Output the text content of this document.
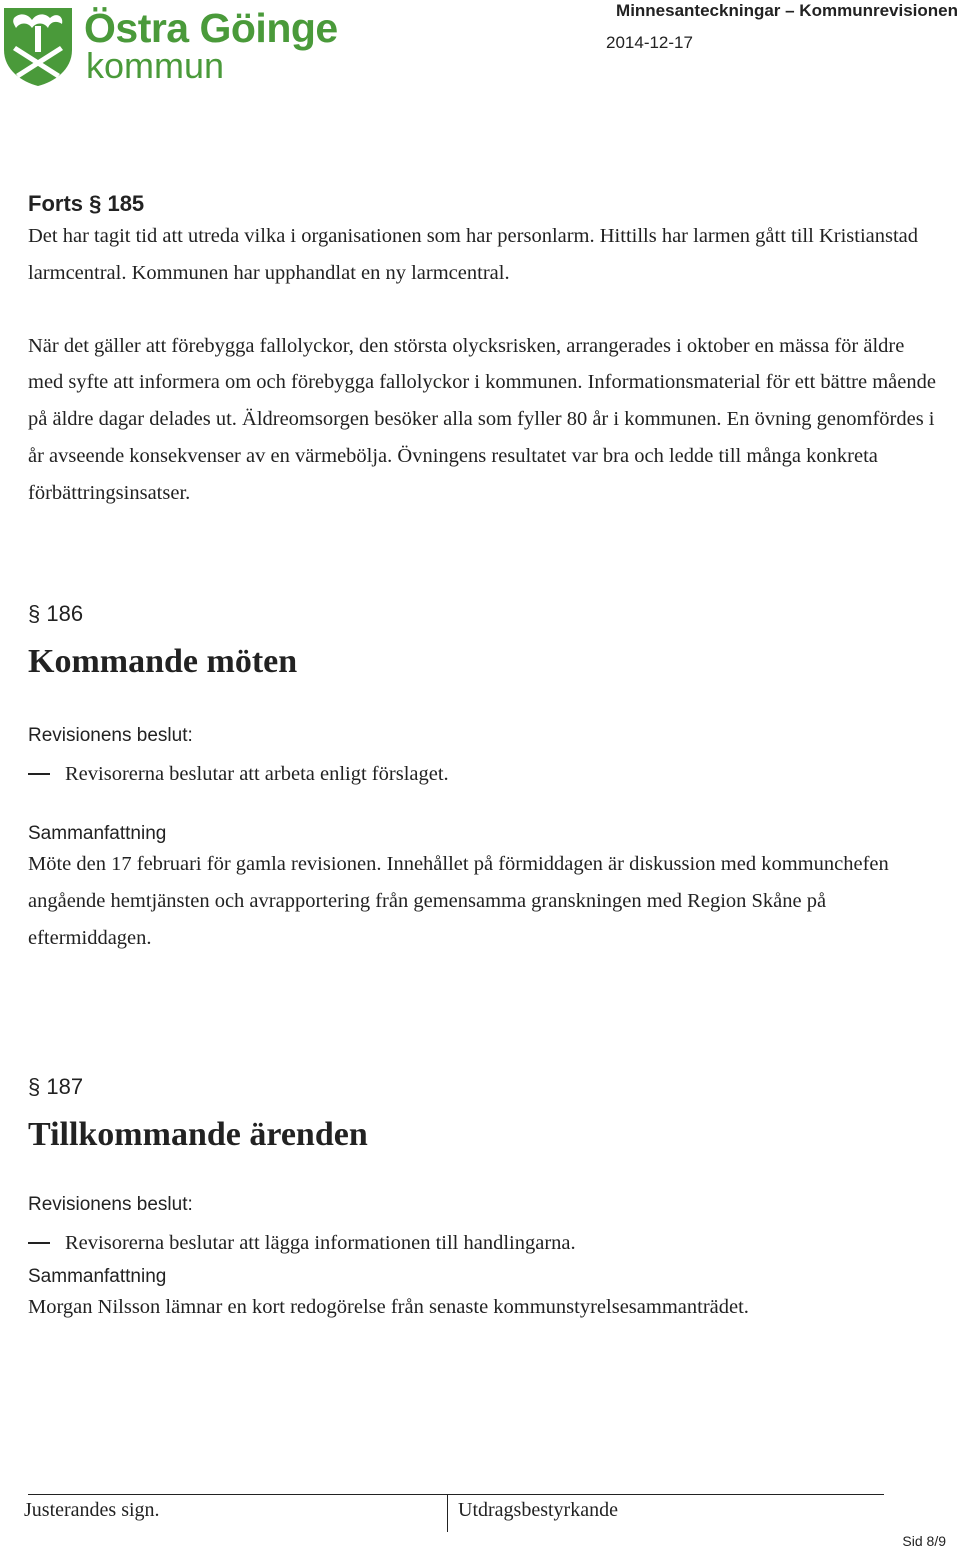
Östra Göinge
kommun
Minnesanteckningar – Kommunrevisionen
2014-12-17
Forts § 185

Det har tagit tid att utreda vilka i organisationen som har personlarm. Hittills har larmen gått till Kristianstad larmcentral. Kommunen har upphandlat en ny larmcentral.

När det gäller att förebygga fallolyckor, den största olycksrisken, arrangerades i oktober en mässa för äldre med syfte att informera om och förebygga fallolyckor i kommunen. Informationsmaterial för ett bättre mående på äldre dagar delades ut. Äldreomsorgen besöker alla som fyller 80 år i kommunen. En övning genomfördes i år avseende konsekvenser av en värmebölja. Övningens resultatet var bra och ledde till många konkreta förbättringsinsatser.

§ 186
Kommande möten
Revisionens beslut:
Revisorerna beslutar att arbeta enligt förslaget.
Sammanfattning

Möte den 17 februari för gamla revisionen. Innehållet på förmiddagen är diskussion med kommunchefen angående hemtjänsten och avrapportering från gemensamma granskningen med Region Skåne på eftermiddagen.

§ 187
Tillkommande ärenden
Revisionens beslut:
Revisorerna beslutar att lägga informationen till handlingarna.
Sammanfattning

Morgan Nilsson lämnar en kort redogörelse från senaste kommunstyrelsesammanträdet.

Justerandes sign.	Utdragsbestyrkande
Sid 8/9
